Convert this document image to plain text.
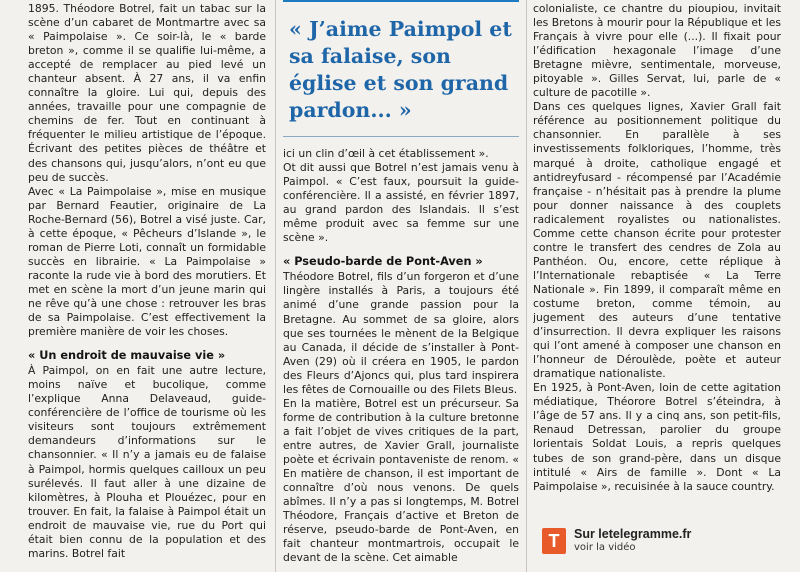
1895. Théodore Botrel, fait un tabac sur la scène d’un cabaret de Montmartre avec sa « Paimpolaise ». Ce soir-là, le « barde breton », comme il se qualifie lui-même, a accepté de remplacer au pied levé un chanteur absent. À 27 ans, il va enfin connaître la gloire. Lui qui, depuis des années, travaille pour une compagnie de chemins de fer. Tout en continuant à fréquenter le milieu artistique de l’époque. Écrivant des petites pièces de théâtre et des chansons qui, jusqu’alors, n’ont eu que peu de succès.

Avec « La Paimpolaise », mise en musique par Bernard Feautier, originaire de La Roche-Bernard (56), Botrel a visé juste. Car, à cette époque, « Pêcheurs d’Islande », le roman de Pierre Loti, connaît un formidable succès en librairie. « La Paimpolaise » raconte la rude vie à bord des morutiers. Et met en scène la mort d’un jeune marin qui ne rêve qu’à une chose : retrouver les bras de sa Paimpolaise. C’est effectivement la première manière de voir les choses.

« Un endroit de mauvaise vie »

À Paimpol, on en fait une autre lecture, moins naïve et bucolique, comme l’explique Anna Delaveaud, guide-conférencière de l’office de tourisme où les visiteurs sont toujours extrêmement demandeurs d’informations sur le chansonnier. « Il n’y a jamais eu de falaise à Paimpol, hormis quelques cailloux un peu surélevés. Il faut aller à une dizaine de kilomètres, à Plouha et Plouézec, pour en trouver. En fait, la falaise à Paimpol était un endroit de mauvaise vie, rue du Port qui était bien connu de la population et des marins. Botrel fait

« J’aime Paimpol et sa falaise, son église et son grand pardon... »

ici un clin d’œil à cet établissement ».

Ot dit aussi que Botrel n’est jamais venu à Paimpol. « C’est faux, poursuit la guide-conférencière. Il a assisté, en février 1897, au grand pardon des Islandais. Il s’est même produit avec sa femme sur une scène ».

« Pseudo-barde de Pont-Aven »

Théodore Botrel, fils d’un forgeron et d’une lingère installés à Paris, a toujours été animé d’une grande passion pour la Bretagne. Au sommet de sa gloire, alors que ses tournées le mènent de la Belgique au Canada, il décide de s’installer à Pont-Aven (29) où il créera en 1905, le pardon des Fleurs d’Ajoncs qui, plus tard inspirera les fêtes de Cornouaille ou des Filets Bleus.

En la matière, Botrel est un précurseur. Sa forme de contribution à la culture bretonne a fait l’objet de vives critiques de la part, entre autres, de Xavier Grall, journaliste poète et écrivain pontaveniste de renom. « En matière de chanson, il est important de connaître d’où nous venons. De quels abîmes. Il n’y a pas si longtemps, M. Botrel Théodore, Français d’active et Breton de réserve, pseudo-barde de Pont-Aven, en fait chanteur montmartrois, occupait le devant de la scène. Cet aimable

colonialiste, ce chantre du pioupiou, invitait les Bretons à mourir pour la République et les Français à vivre pour elle (...). Il fixait pour l’édification hexagonale l’image d’une Bretagne mièvre, sentimentale, morveuse, pitoyable ». Gilles Servat, lui, parle de « culture de pacotille ».

Dans ces quelques lignes, Xavier Grall fait référence au positionnement politique du chansonnier. En parallèle à ses investissements folkloriques, l’homme, très marqué à droite, catholique engagé et antidreyfusard - récompensé par l’Académie française - n’hésitait pas à prendre la plume pour donner naissance à des couplets radicalement royalistes ou nationalistes. Comme cette chanson écrite pour protester contre le transfert des cendres de Zola au Panthéon. Ou, encore, cette réplique à l’Internationale rebaptisée « La Terre Nationale ». Fin 1899, il comparaît même en costume breton, comme témoin, au jugement des auteurs d’une tentative d’insurrection. Il devra expliquer les raisons qui l’ont amené à composer une chanson en l’honneur de Déroulède, poète et auteur dramatique nationaliste.

En 1925, à Pont-Aven, loin de cette agitation médiatique, Théorore Botrel s’éteindra, à l’âge de 57 ans. Il y a cinq ans, son petit-fils, Renaud Detressan, parolier du groupe lorientais Soldat Louis, a repris quelques tubes de son grand-père, dans un disque intitulé « Airs de famille ». Dont « La Paimpolaise », recuisinée à la sauce country.

T	Sur letelegramme.fr
voir la vidéo
